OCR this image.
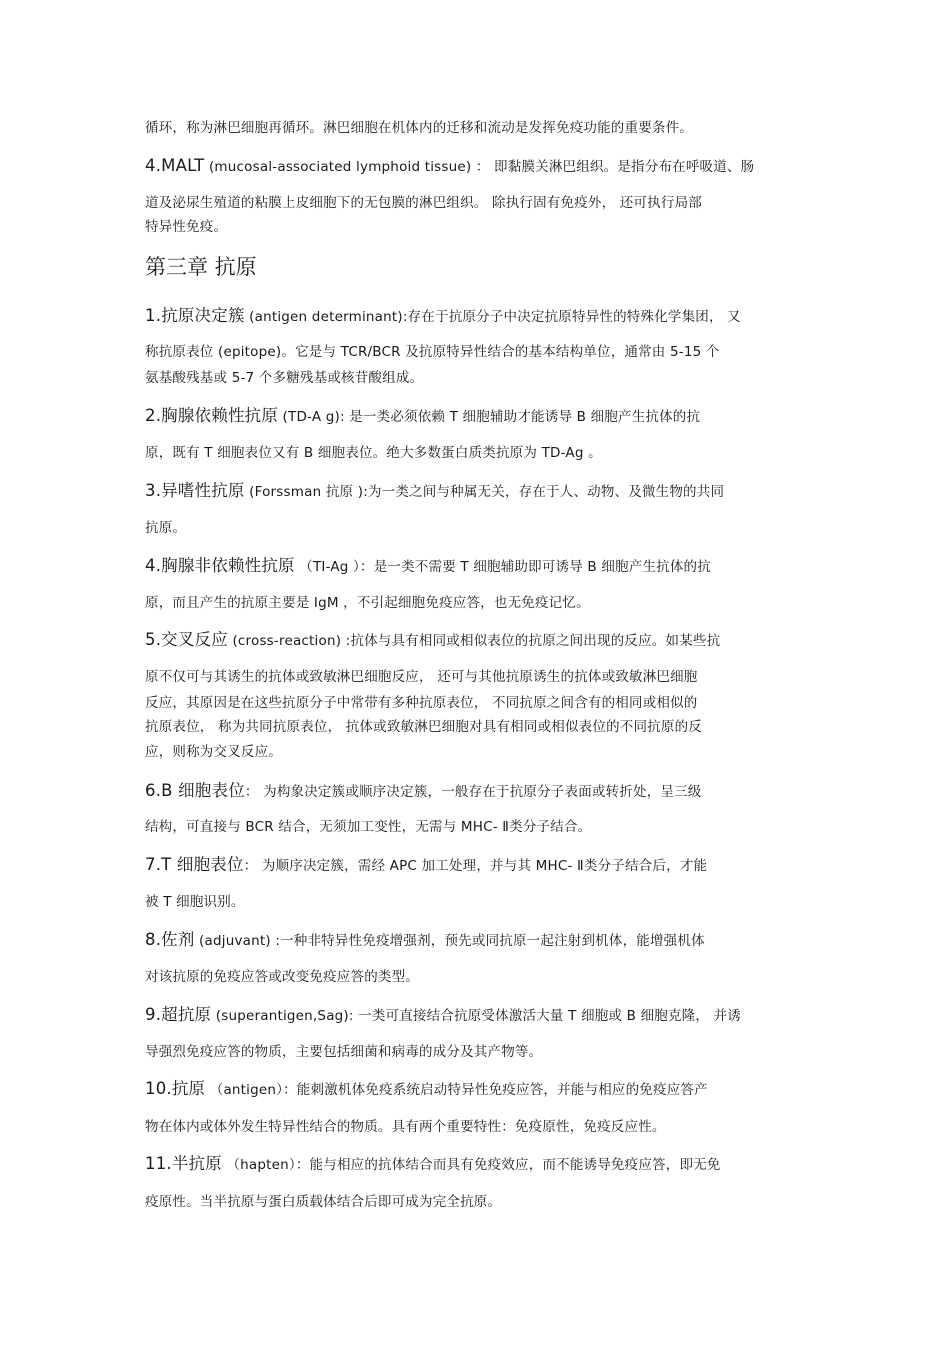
循环，称为淋巴细胞再循环。淋巴细胞在机体内的迁移和流动是发挥免疫功能的重要条件。
4.MALT (mucosal-associated lymphoid tissue) ： 即黏膜关淋巴组织。是指分布在呼吸道、肠
道及泌尿生殖道的粘膜上皮细胞下的无包膜的淋巴组织。 除执行固有免疫外， 还可执行局部
特异性免疫。
第三章 抗原
1.抗原决定簇 (antigen determinant):存在于抗原分子中决定抗原特异性的特殊化学集团， 又
称抗原表位 (epitope)。它是与 TCR/BCR 及抗原特异性结合的基本结构单位，通常由 5-15 个
氨基酸残基或 5-7 个多糖残基或核苷酸组成。
2.胸腺依赖性抗原 (TD-A g): 是一类必须依赖 T 细胞辅助才能诱导 B 细胞产生抗体的抗
原，既有 T 细胞表位又有 B 细胞表位。绝大多数蛋白质类抗原为 TD-Ag 。
3.异嗜性抗原 (Forssman 抗原 ):为一类之间与种属无关，存在于人、动物、及微生物的共同
抗原。
4.胸腺非依赖性抗原 （TI-Ag ）：是一类不需要 T 细胞辅助即可诱导 B 细胞产生抗体的抗
原，而且产生的抗原主要是 IgM ，不引起细胞免疫应答，也无免疫记忆。
5.交叉反应 (cross-reaction) :抗体与具有相同或相似表位的抗原之间出现的反应。如某些抗
原不仅可与其诱生的抗体或致敏淋巴细胞反应， 还可与其他抗原诱生的抗体或致敏淋巴细胞
反应，其原因是在这些抗原分子中常带有多种抗原表位， 不同抗原之间含有的相同或相似的
抗原表位， 称为共同抗原表位， 抗体或致敏淋巴细胞对具有相同或相似表位的不同抗原的反
应，则称为交叉反应。
6.B 细胞表位： 为构象决定簇或顺序决定簇，一般存在于抗原分子表面或转折处，呈三级
结构，可直接与 BCR 结合，无须加工变性，无需与 MHC- Ⅱ类分子结合。
7.T 细胞表位： 为顺序决定簇，需经 APC 加工处理，并与其 MHC- Ⅱ类分子结合后，才能
被 T 细胞识别。
8.佐剂 (adjuvant) :一种非特异性免疫增强剂，预先或同抗原一起注射到机体，能增强机体
对该抗原的免疫应答或改变免疫应答的类型。
9.超抗原 (superantigen,Sag): 一类可直接结合抗原受体激活大量 T 细胞或 B 细胞克隆， 并诱
导强烈免疫应答的物质，主要包括细菌和病毒的成分及其产物等。
10.抗原 （antigen）：能刺激机体免疫系统启动特异性免疫应答，并能与相应的免疫应答产
物在体内或体外发生特异性结合的物质。具有两个重要特性：免疫原性，免疫反应性。
11.半抗原 （hapten）：能与相应的抗体结合而具有免疫效应，而不能诱导免疫应答，即无免
疫原性。当半抗原与蛋白质载体结合后即可成为完全抗原。
